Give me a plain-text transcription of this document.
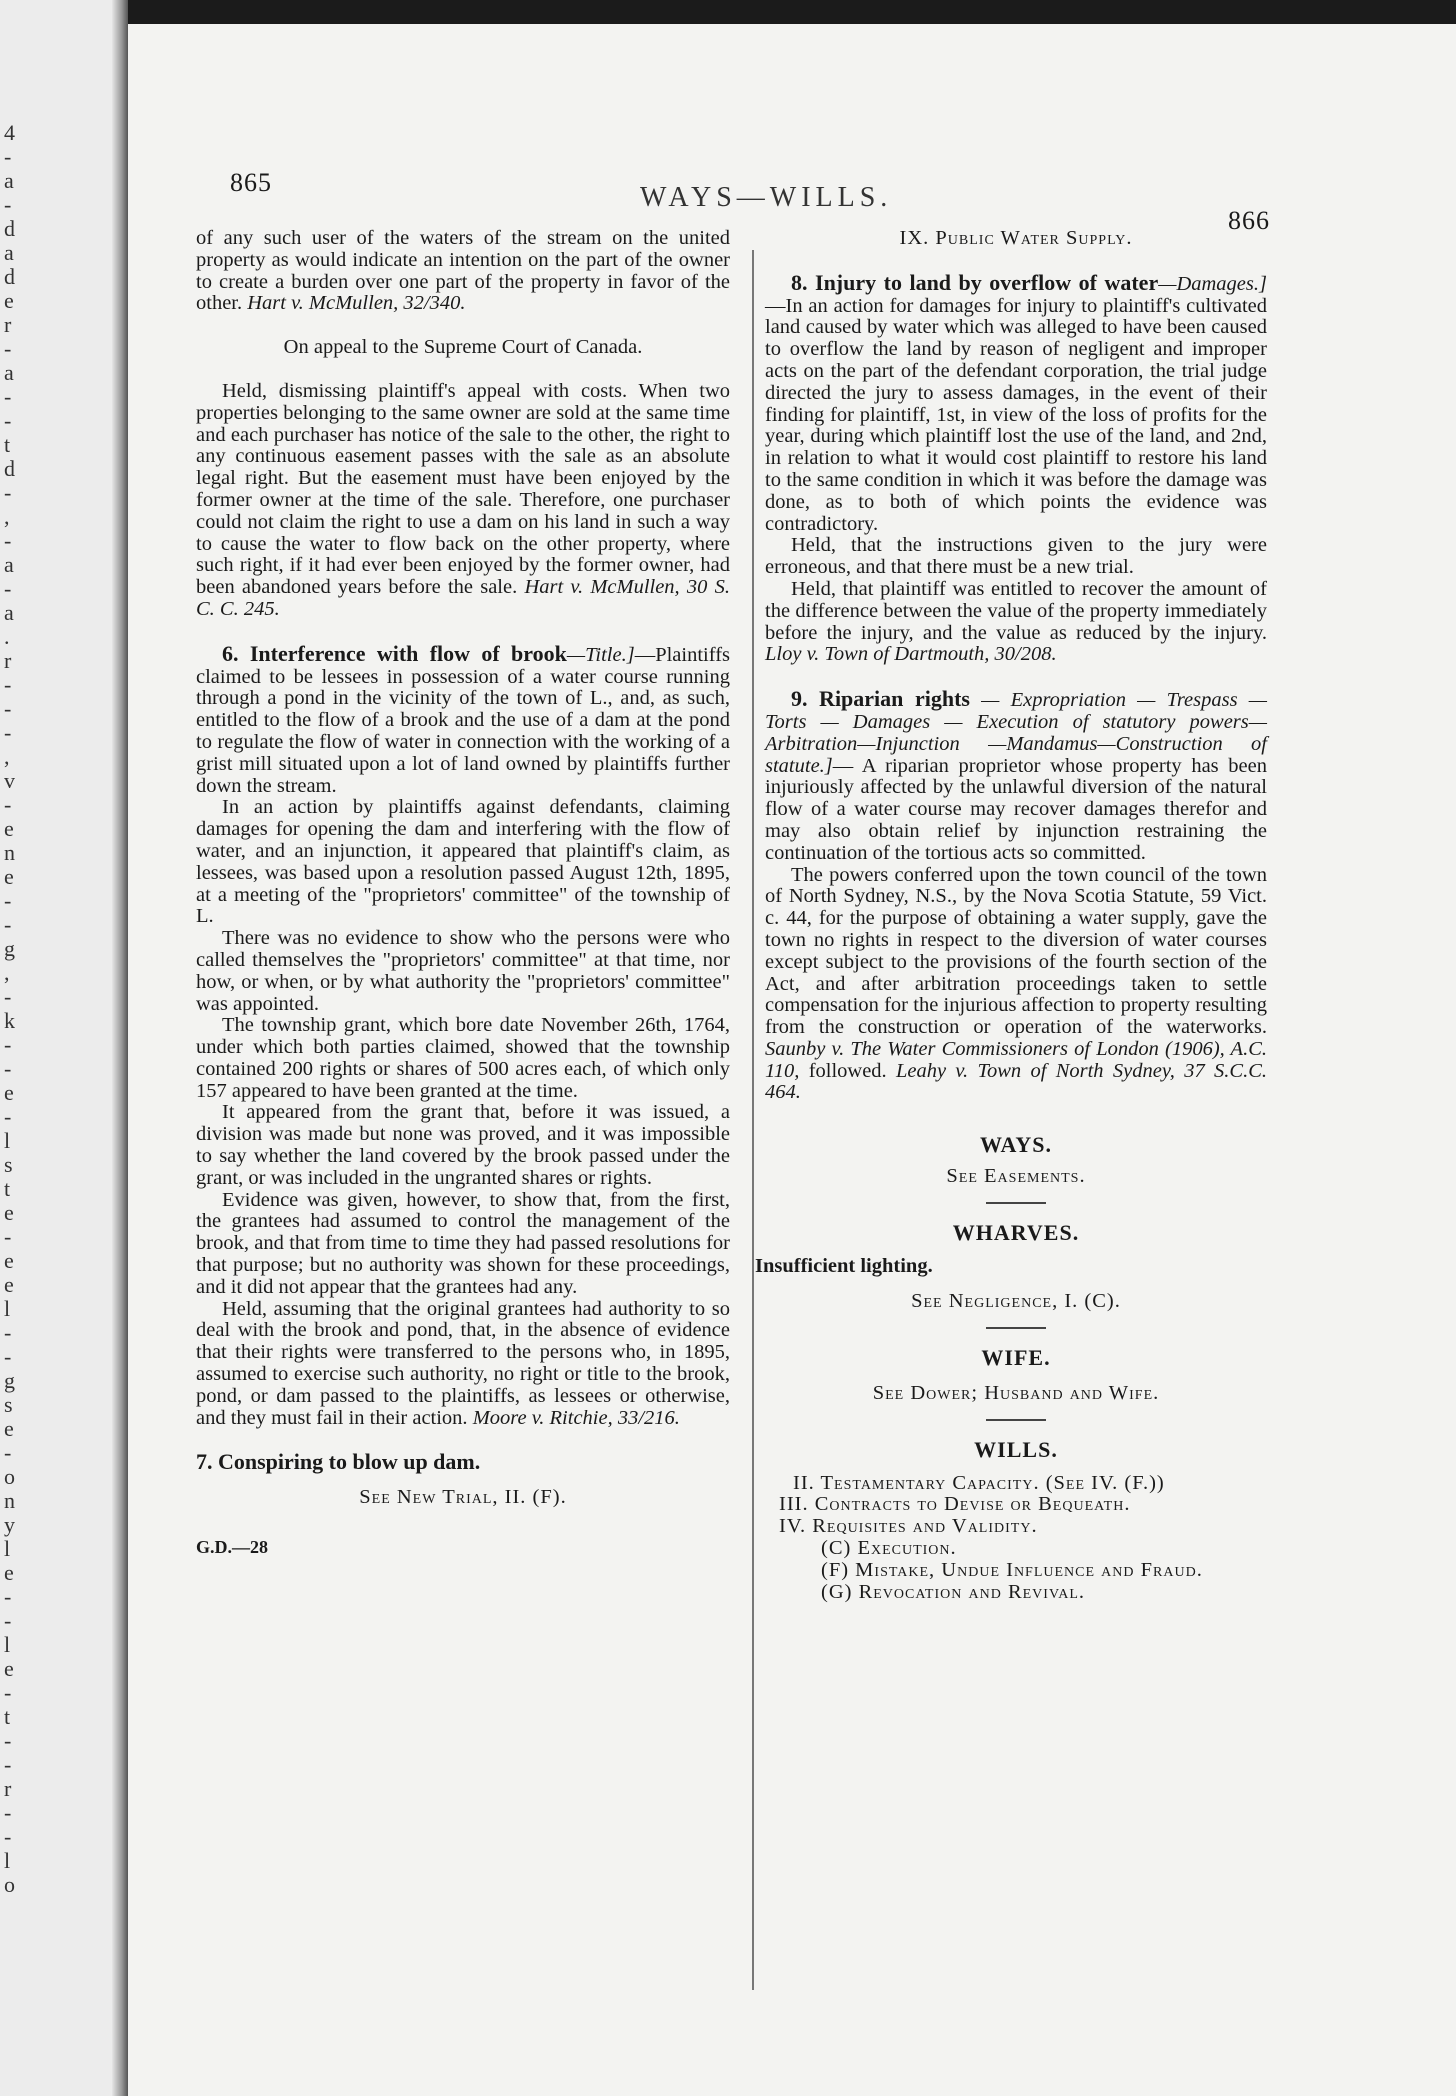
4
-
a
-
d
a
d
e
r
-
a
-
-
t
d
-
,
-
a
-
a
.
r
-
-
-
,
v
-
e
n
e
-
-
g
,
-
k
-
-
e
-
l
s
t
e
-
e
e
l
-
-
g
s
e
-
o
n
y
l
e
-
-
l
e
-
t
-
-
r
-
-
l
o
865	WAYS—WILLS.
866

of any such user of the waters of the stream on the united property as would indicate an intention on the part of the owner to create a burden over one part of the property in favor of the other. Hart v. McMullen, 32/340.

On appeal to the Supreme Court of Canada.

Held, dismissing plaintiff's appeal with costs. When two properties belonging to the same owner are sold at the same time and each purchaser has notice of the sale to the other, the right to any continuous easement passes with the sale as an absolute legal right. But the easement must have been enjoyed by the former owner at the time of the sale. Therefore, one purchaser could not claim the right to use a dam on his land in such a way to cause the water to flow back on the other property, where such right, if it had ever been enjoyed by the former owner, had been abandoned years before the sale. Hart v. McMullen, 30 S. C. C. 245.

6. Interference with flow of brook—Title.]—Plaintiffs claimed to be lessees in possession of a water course running through a pond in the vicinity of the town of L., and, as such, entitled to the flow of a brook and the use of a dam at the pond to regulate the flow of water in connection with the working of a grist mill situated upon a lot of land owned by plaintiffs further down the stream.

In an action by plaintiffs against defendants, claiming damages for opening the dam and interfering with the flow of water, and an injunction, it appeared that plaintiff's claim, as lessees, was based upon a resolution passed August 12th, 1895, at a meeting of the "proprietors' committee" of the township of L.

There was no evidence to show who the persons were who called themselves the "proprietors' committee" at that time, nor how, or when, or by what authority the "proprietors' committee" was appointed.

The township grant, which bore date November 26th, 1764, under which both parties claimed, showed that the township contained 200 rights or shares of 500 acres each, of which only 157 appeared to have been granted at the time.

It appeared from the grant that, before it was issued, a division was made but none was proved, and it was impossible to say whether the land covered by the brook passed under the grant, or was included in the ungranted shares or rights.

Evidence was given, however, to show that, from the first, the grantees had assumed to control the management of the brook, and that from time to time they had passed resolutions for that purpose; but no authority was shown for these proceedings, and it did not appear that the grantees had any.

Held, assuming that the original grantees had authority to so deal with the brook and pond, that, in the absence of evidence that their rights were transferred to the persons who, in 1895, assumed to exercise such authority, no right or title to the brook, pond, or dam passed to the plaintiffs, as lessees or otherwise, and they must fail in their action. Moore v. Ritchie, 33/216.

7. Conspiring to blow up dam.

See New Trial, II. (F).

G.D.—28

IX. Public Water Supply.

8. Injury to land by overflow of water—Damages.]—In an action for damages for injury to plaintiff's cultivated land caused by water which was alleged to have been caused to overflow the land by reason of negligent and improper acts on the part of the defendant corporation, the trial judge directed the jury to assess damages, in the event of their finding for plaintiff, 1st, in view of the loss of profits for the year, during which plaintiff lost the use of the land, and 2nd, in relation to what it would cost plaintiff to restore his land to the same condition in which it was before the damage was done, as to both of which points the evidence was contradictory.

Held, that the instructions given to the jury were erroneous, and that there must be a new trial.

Held, that plaintiff was entitled to recover the amount of the difference between the value of the property immediately before the injury, and the value as reduced by the injury. Lloy v. Town of Dartmouth, 30/208.

9. Riparian rights — Expropriation — Trespass — Torts — Damages — Execution of statutory powers—Arbitration—Injunction —Mandamus—Construction of statute.]— A riparian proprietor whose property has been injuriously affected by the unlawful diversion of the natural flow of a water course may recover damages therefor and may also obtain relief by injunction restraining the continuation of the tortious acts so committed.

The powers conferred upon the town council of the town of North Sydney, N.S., by the Nova Scotia Statute, 59 Vict. c. 44, for the purpose of obtaining a water supply, gave the town no rights in respect to the diversion of water courses except subject to the provisions of the fourth section of the Act, and after arbitration proceedings taken to settle compensation for the injurious affection to property resulting from the construction or operation of the waterworks. Saunby v. The Water Commissioners of London (1906), A.C. 110, followed. Leahy v. Town of North Sydney, 37 S.C.C. 464.

WAYS.

See Easements.

WHARVES.

Insufficient lighting.

See Negligence, I. (C).

WIFE.

See Dower; Husband and Wife.

WILLS.

II. Testamentary Capacity. (See IV. (F.))

III. Contracts to Devise or Bequeath.

IV. Requisites and Validity.

(C) Execution.

(F) Mistake, Undue Influence and Fraud.

(G) Revocation and Revival.
